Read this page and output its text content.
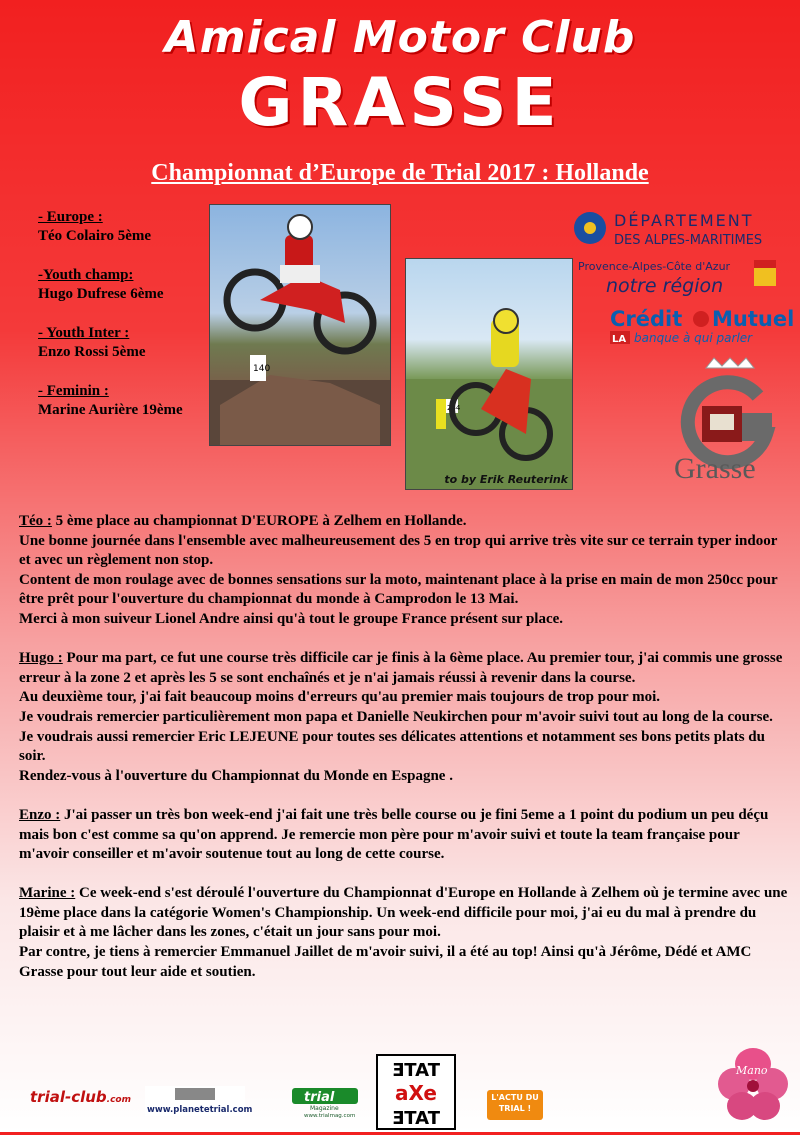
Amical Motor Club
GRASSE
Championnat d’Europe de Trial 2017 : Hollande
- Europe :
Téo Colairo 5ème
-Youth champ:
Hugo Dufrese 6ème
- Youth Inter :
Enzo Rossi 5ème
- Feminin :
Marine Aurière 19ème
140
244
to by Erik Reuterink
DÉPARTEMENT
DES ALPES-MARITIMES
Provence-Alpes-Côte d'Azur
notre région
Crédit Mutuel
LA banque à qui parler
Grasse

Téo : 5 ème place au championnat D'EUROPE à Zelhem en Hollande.

Une bonne journée dans l'ensemble avec malheureusement des 5 en trop qui arrive très vite sur ce terrain typer indoor et avec un règlement non stop.

Content de mon roulage avec de bonnes sensations sur la moto, maintenant place à la prise en main de mon 250cc pour être prêt pour l'ouverture du championnat du monde à Camprodon le 13 Mai.

Merci à mon suiveur Lionel Andre ainsi qu'à tout le groupe France présent sur place.

Hugo : Pour ma part, ce fut une course très difficile car je finis à la 6ème place. Au premier tour, j'ai commis une grosse erreur à la zone 2 et après les 5 se sont enchaînés et je n'ai jamais réussi à revenir dans la course.

Au deuxième tour, j'ai fait beaucoup moins d'erreurs qu'au premier mais toujours de trop pour moi.

Je voudrais remercier particulièrement mon papa et Danielle Neukirchen pour m'avoir suivi tout au long de la course. Je voudrais aussi remercier Eric LEJEUNE pour toutes ses délicates attentions et notamment ses bons petits plats du soir.

Rendez-vous à l'ouverture du Championnat du Monde en Espagne .

Enzo : J'ai passer un très bon week-end j'ai fait une très belle course ou je fini 5eme a 1 point du podium un peu déçu mais bon c'est comme sa qu'on apprend. Je remercie mon père pour m'avoir suivi et toute la team française pour m'avoir conseiller et m'avoir soutenue tout au long de cette course.

Marine : Ce week-end s'est déroulé l'ouverture du Championnat d'Europe en Hollande à Zelhem où je termine avec une 19ème place dans la catégorie Women's Championship. Un week-end difficile pour moi, j'ai eu du mal à prendre du plaisir et à me lâcher dans les zones, c'était un jour sans pour moi.

Par contre, je tiens à remercier Emmanuel Jaillet de m'avoir suivi, il a été au top! Ainsi qu'à Jérôme, Dédé et AMC Grasse pour tout leur aide et soutien.

trial-club.com
www.planetetrial.com
trial
Magazine
www.trialmag.com
ƎTAT
aXe
ƎTAT
L'ACTU DU TRIAL !
Mano
